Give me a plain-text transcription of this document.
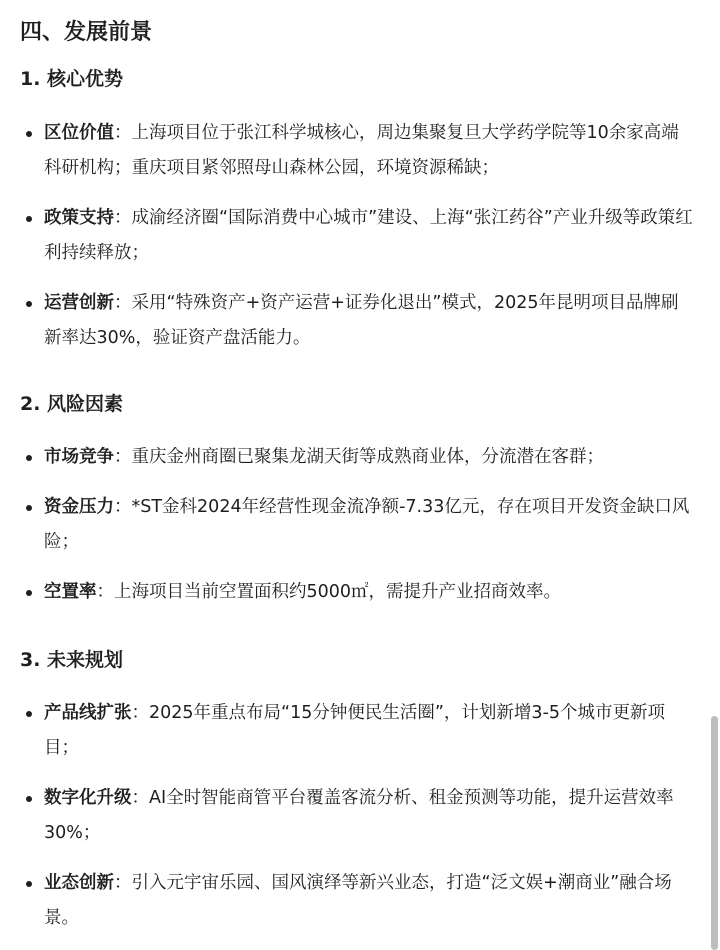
四、发展前景
1. 核心优势
区位价值：上海项目位于张江科学城核心，周边集聚复旦大学药学院等10余家高端科研机构；重庆项目紧邻照母山森林公园，环境资源稀缺；
政策支持：成渝经济圈“国际消费中心城市”建设、上海“张江药谷”产业升级等政策红利持续释放；
运营创新：采用“特殊资产+资产运营+证券化退出”模式，2025年昆明项目品牌刷新率达30%，验证资产盘活能力。
2. 风险因素
市场竞争：重庆金州商圈已聚集龙湖天街等成熟商业体，分流潜在客群；
资金压力：*ST金科2024年经营性现金流净额-7.33亿元，存在项目开发资金缺口风险；
空置率：上海项目当前空置面积约5000㎡，需提升产业招商效率。
3. 未来规划
产品线扩张：2025年重点布局“15分钟便民生活圈”，计划新增3-5个城市更新项目；
数字化升级：AI全时智能商管平台覆盖客流分析、租金预测等功能，提升运营效率30%；
业态创新：引入元宇宙乐园、国风演绎等新兴业态，打造“泛文娱+潮商业”融合场景。
